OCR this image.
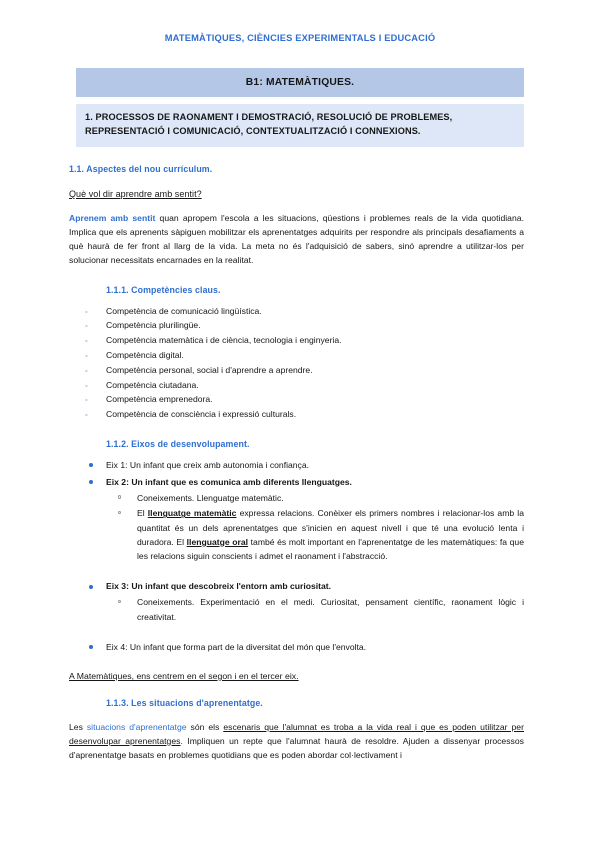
MATEMÀTIQUES, CIÈNCIES EXPERIMENTALS I EDUCACIÓ
B1: MATEMÀTIQUES.
1. PROCESSOS DE RAONAMENT I DEMOSTRACIÓ, RESOLUCIÓ DE PROBLEMES, REPRESENTACIÓ I COMUNICACIÓ, CONTEXTUALITZACIÓ I CONNEXIONS.
1.1. Aspectes del nou currículum.
Què vol dir aprendre amb sentit?

Aprenem amb sentit quan apropem l'escola a les situacions, qüestions i problemes reals de la vida quotidiana. Implica que els aprenents sàpiguen mobilitzar els aprenentatges adquirits per respondre als principals desafiaments a què haurà de fer front al llarg de la vida. La meta no és l'adquisició de sabers, sinó aprendre a utilitzar-los per solucionar necessitats encarnades en la realitat.

1.1.1. Competències claus.
- Competència de comunicació lingüística.
- Competència plurilingüe.
- Competència matemàtica i de ciència, tecnologia i enginyeria.
- Competència digital.
- Competència personal, social i d'aprendre a aprendre.
- Competència ciutadana.
- Competència emprenedora.
- Competència de consciència i expressió culturals.
1.1.2. Eixos de desenvolupament.
Eix 1: Un infant que creix amb autonomia i confiança.
Eix 2: Un infant que es comunica amb diferents llenguatges.
Coneixements. Llenguatge matemàtic.
El llenguatge matemàtic expressa relacions. Conèixer els primers nombres i relacionar-los amb la quantitat és un dels aprenentatges que s'inicien en aquest nivell i que té una evolució lenta i duradora. El llenguatge oral també és molt important en l'aprenentatge de les matemàtiques: fa que les relacions siguin conscients i admet el raonament i l'abstracció.
Eix 3: Un infant que descobreix l'entorn amb curiositat.
Coneixements. Experimentació en el medi. Curiositat, pensament científic, raonament lògic i creativitat.
Eix 4: Un infant que forma part de la diversitat del món que l'envolta.
A Matemàtiques, ens centrem en el segon i en el tercer eix.
1.1.3. Les situacions d'aprenentatge.

Les situacions d'aprenentatge són els escenaris que l'alumnat es troba a la vida real i que es poden utilitzar per desenvolupar aprenentatges. Impliquen un repte que l'alumnat haurà de resoldre. Ajuden a dissenyar processos d'aprenentatge basats en problemes quotidians que es poden abordar col·lectivament i
